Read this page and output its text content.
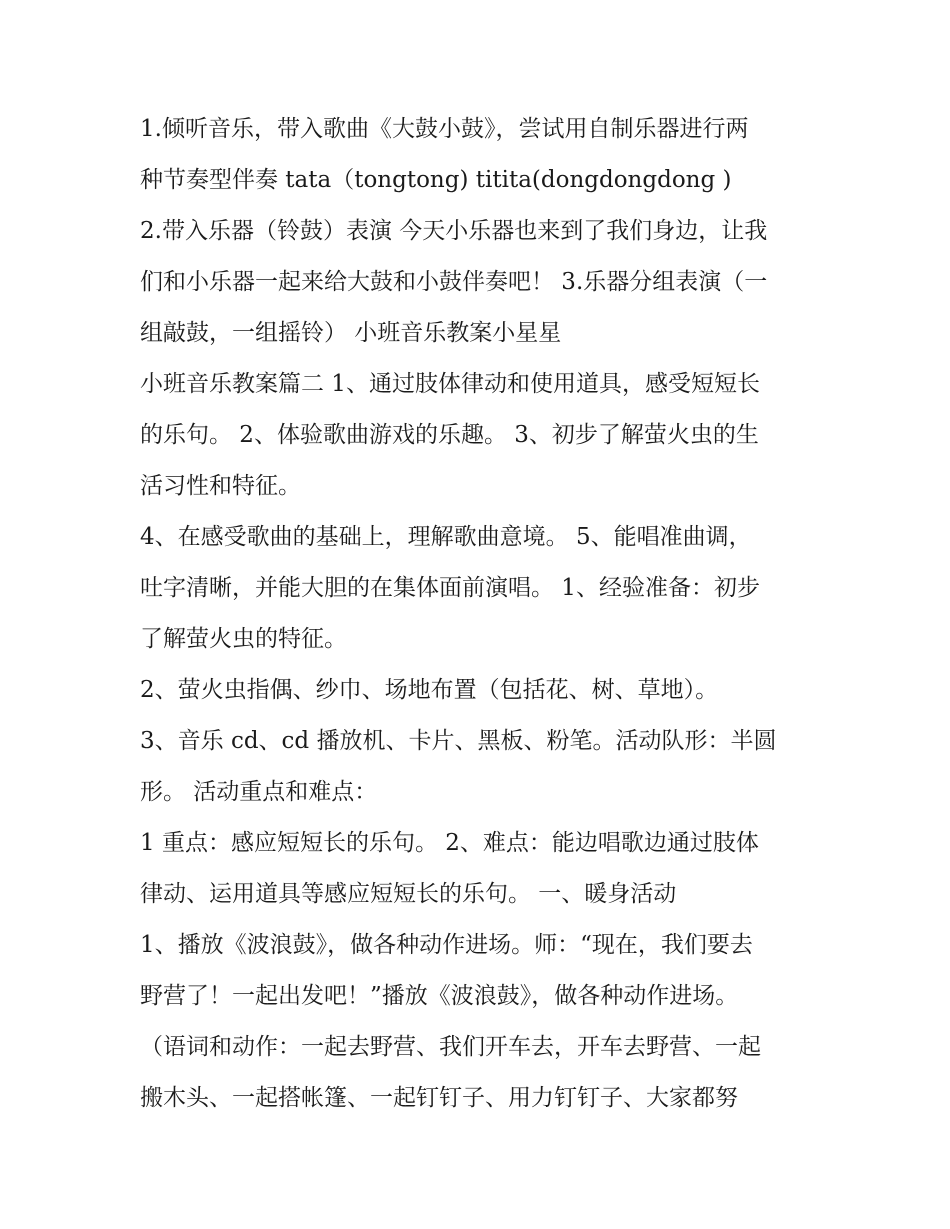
1.倾听音乐，带入歌曲《大鼓小鼓》，尝试用自制乐器进行两
种节奏型伴奏 tata（tongtong) titita(dongdongdong )
2.带入乐器（铃鼓）表演 今天小乐器也来到了我们身边，让我
们和小乐器一起来给大鼓和小鼓伴奏吧！ 3.乐器分组表演（一
组敲鼓，一组摇铃） 小班音乐教案小星星
小班音乐教案篇二 1、通过肢体律动和使用道具，感受短短长
的乐句。 2、体验歌曲游戏的乐趣。 3、初步了解萤火虫的生
活习性和特征。
4、在感受歌曲的基础上，理解歌曲意境。 5、能唱准曲调，
吐字清晰，并能大胆的在集体面前演唱。 1、经验准备：初步
了解萤火虫的特征。
2、萤火虫指偶、纱巾、场地布置（包括花、树、草地）。
3、音乐 cd、cd 播放机、卡片、黑板、粉笔。活动队形：半圆
形。 活动重点和难点：
1 重点：感应短短长的乐句。 2、难点：能边唱歌边通过肢体
律动、运用道具等感应短短长的乐句。 一、暖身活动
1、播放《波浪鼓》，做各种动作进场。师：“现在，我们要去
野营了！一起出发吧！”播放《波浪鼓》，做各种动作进场。
（语词和动作：一起去野营、我们开车去，开车去野营、一起
搬木头、一起搭帐篷、一起钉钉子、用力钉钉子、大家都努
